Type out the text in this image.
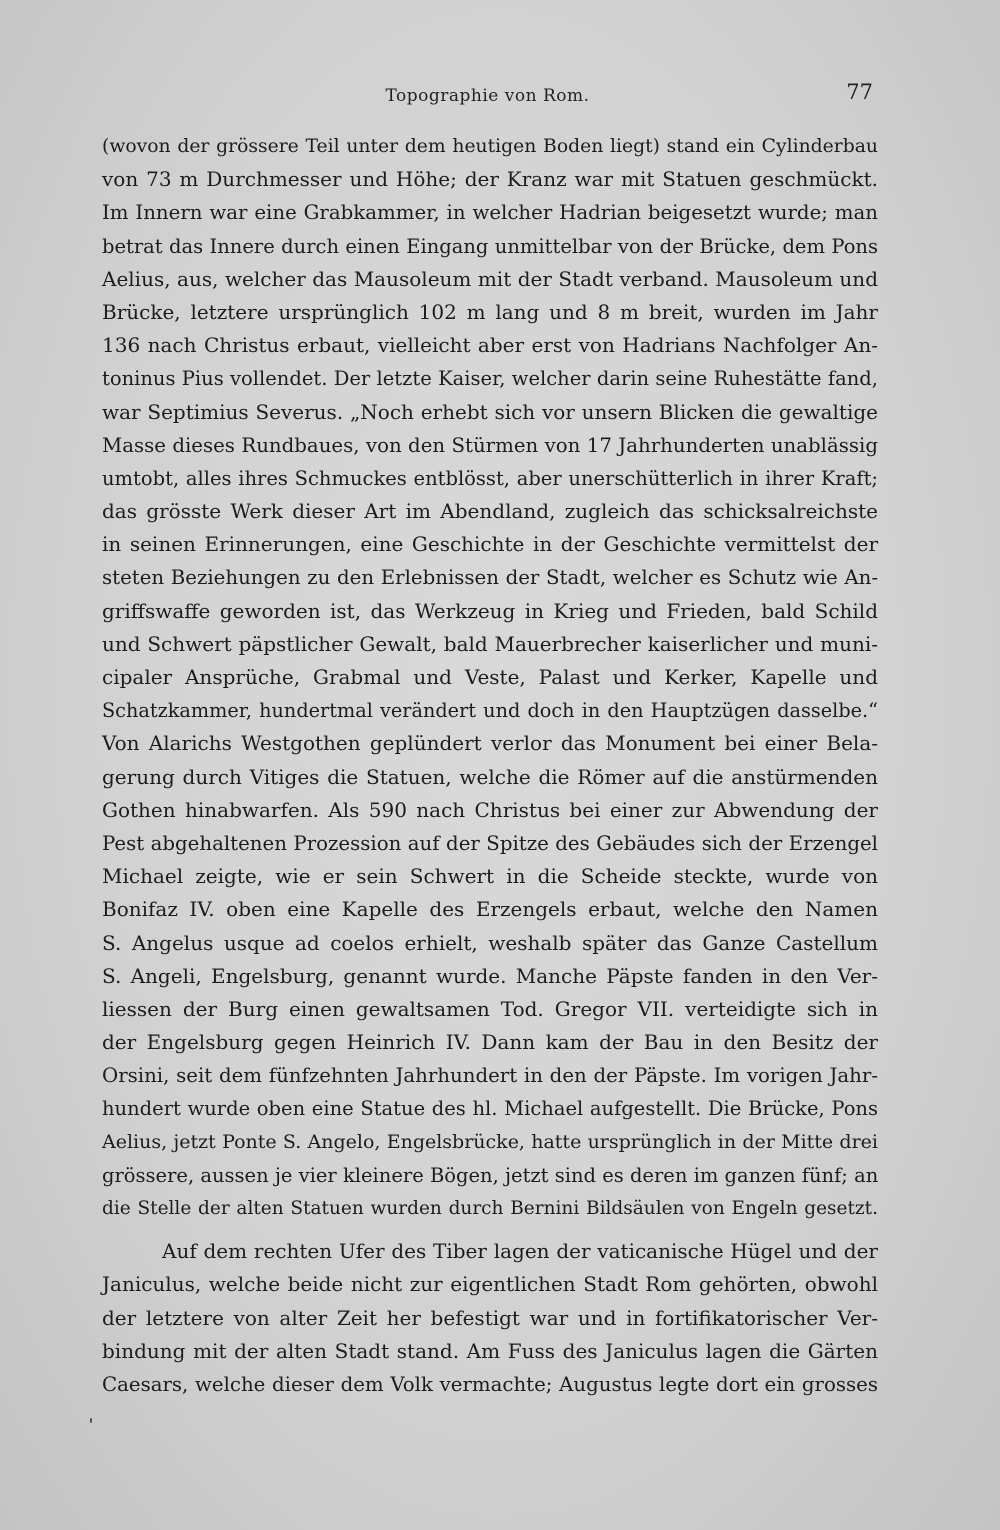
Topographie von Rom.	77
(wovon der grössere Teil unter dem heutigen Boden liegt) stand ein Cylinderbau
von 73 m Durchmesser und Höhe; der Kranz war mit Statuen geschmückt.
Im Innern war eine Grabkammer, in welcher Hadrian beigesetzt wurde; man
betrat das Innere durch einen Eingang unmittelbar von der Brücke, dem Pons
Aelius, aus, welcher das Mausoleum mit der Stadt verband. Mausoleum und
Brücke, letztere ursprünglich 102 m lang und 8 m breit, wurden im Jahr
136 nach Christus erbaut, vielleicht aber erst von Hadrians Nachfolger An-
toninus Pius vollendet. Der letzte Kaiser, welcher darin seine Ruhestätte fand,
war Septimius Severus. „Noch erhebt sich vor unsern Blicken die gewaltige
Masse dieses Rundbaues, von den Stürmen von 17 Jahrhunderten unablässig
umtobt, alles ihres Schmuckes entblösst, aber unerschütterlich in ihrer Kraft;
das grösste Werk dieser Art im Abendland, zugleich das schicksalreichste
in seinen Erinnerungen, eine Geschichte in der Geschichte vermittelst der
steten Beziehungen zu den Erlebnissen der Stadt, welcher es Schutz wie An-
griffswaffe geworden ist, das Werkzeug in Krieg und Frieden, bald Schild
und Schwert päpstlicher Gewalt, bald Mauerbrecher kaiserlicher und muni-
cipaler Ansprüche, Grabmal und Veste, Palast und Kerker, Kapelle und
Schatzkammer, hundertmal verändert und doch in den Hauptzügen dasselbe.“
Von Alarichs Westgothen geplündert verlor das Monument bei einer Bela-
gerung durch Vitiges die Statuen, welche die Römer auf die anstürmenden
Gothen hinabwarfen. Als 590 nach Christus bei einer zur Abwendung der
Pest abgehaltenen Prozession auf der Spitze des Gebäudes sich der Erzengel
Michael zeigte, wie er sein Schwert in die Scheide steckte, wurde von
Bonifaz IV. oben eine Kapelle des Erzengels erbaut, welche den Namen
S. Angelus usque ad coelos erhielt, weshalb später das Ganze Castellum
S. Angeli, Engelsburg, genannt wurde. Manche Päpste fanden in den Ver-
liessen der Burg einen gewaltsamen Tod. Gregor VII. verteidigte sich in
der Engelsburg gegen Heinrich IV. Dann kam der Bau in den Besitz der
Orsini, seit dem fünfzehnten Jahrhundert in den der Päpste. Im vorigen Jahr-
hundert wurde oben eine Statue des hl. Michael aufgestellt. Die Brücke, Pons
Aelius, jetzt Ponte S. Angelo, Engelsbrücke, hatte ursprünglich in der Mitte drei
grössere, aussen je vier kleinere Bögen, jetzt sind es deren im ganzen fünf; an
die Stelle der alten Statuen wurden durch Bernini Bildsäulen von Engeln gesetzt.
Auf dem rechten Ufer des Tiber lagen der vaticanische Hügel und der
Janiculus, welche beide nicht zur eigentlichen Stadt Rom gehörten, obwohl
der letztere von alter Zeit her befestigt war und in fortifikatorischer Ver-
bindung mit der alten Stadt stand. Am Fuss des Janiculus lagen die Gärten
Caesars, welche dieser dem Volk vermachte; Augustus legte dort ein grosses
